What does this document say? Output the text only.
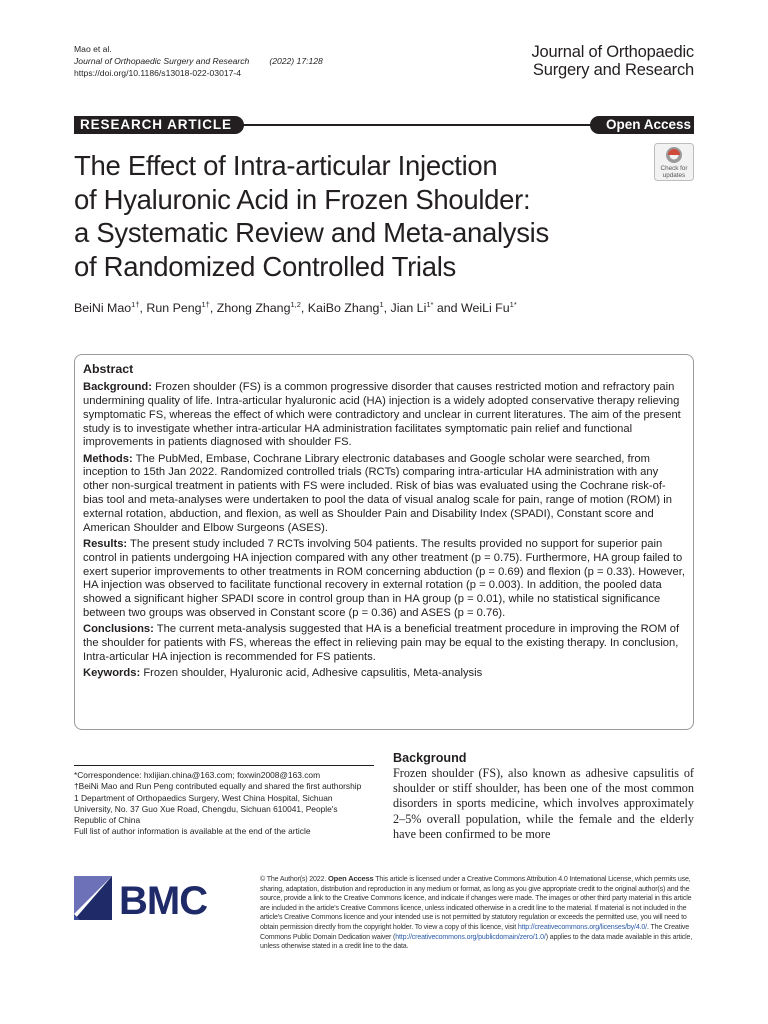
Mao et al.
Journal of Orthopaedic Surgery and Research (2022) 17:128
https://doi.org/10.1186/s13018-022-03017-4
Journal of Orthopaedic
Surgery and Research
RESEARCH ARTICLE	Open Access
Check for
updates
The Effect of Intra-articular Injection
of Hyaluronic Acid in Frozen Shoulder:
a Systematic Review and Meta-analysis
of Randomized Controlled Trials
BeiNi Mao$^{1\dagger}$, Run Peng$^{1\dagger}$, Zhong Zhang$^{1,2}$, KaiBo Zhang$^1$, Jian $Li^{1*}$ and WeiLi $Fu^{1*}$
Abstract

Background: Frozen shoulder (FS) is a common progressive disorder that causes restricted motion and refractory pain undermining quality of life. Intra-articular hyaluronic acid (HA) injection is a widely adopted conservative therapy relieving symptomatic FS, whereas the effect of which were contradictory and unclear in current literatures. The aim of the present study is to investigate whether intra-articular HA administration facilitates symptomatic pain relief and functional improvements in patients diagnosed with shoulder FS.

Methods: The PubMed, Embase, Cochrane Library electronic databases and Google scholar were searched, from inception to 15th Jan 2022. Randomized controlled trials (RCTs) comparing intra-articular HA administration with any other non-surgical treatment in patients with FS were included. Risk of bias was evaluated using the Cochrane risk-of-bias tool and meta-analyses were undertaken to pool the data of visual analog scale for pain, range of motion (ROM) in external rotation, abduction, and flexion, as well as Shoulder Pain and Disability Index (SPADI), Constant score and American Shoulder and Elbow Surgeons (ASES).

Results: The present study included 7 RCTs involving 504 patients. The results provided no support for superior pain control in patients undergoing HA injection compared with any other treatment (p = 0.75). Furthermore, HA group failed to exert superior improvements to other treatments in ROM concerning abduction (p = 0.69) and flexion (p = 0.33). However, HA injection was observed to facilitate functional recovery in external rotation (p = 0.003). In addition, the pooled data showed a significant higher SPADI score in control group than in HA group (p = 0.01), while no statistical significance between two groups was observed in Constant score (p = 0.36) and ASES (p = 0.76).

Conclusions: The current meta-analysis suggested that HA is a beneficial treatment procedure in improving the ROM of the shoulder for patients with FS, whereas the effect in relieving pain may be equal to the existing therapy. In conclusion, Intra-articular HA injection is recommended for FS patients.

Keywords: Frozen shoulder, Hyaluronic acid, Adhesive capsulitis, Meta-analysis

*Correspondence: hxlijian.china@163.com; foxwin2008@163.com

†BeiNi Mao and Run Peng contributed equally and shared the first authorship

1 Department of Orthopaedics Surgery, West China Hospital, Sichuan University, No. 37 Guo Xue Road, Chengdu, Sichuan 610041, People's Republic of China

Full list of author information is available at the end of the article

Background
Frozen shoulder (FS), also known as adhesive capsulitis of shoulder or stiff shoulder, has been one of the most common disorders in sports medicine, which involves approximately 2–5% overall population, while the female and the elderly have been confirmed to be more
BMC	© The Author(s) 2022. Open Access This article is licensed under a Creative Commons Attribution 4.0 International License, which permits use, sharing, adaptation, distribution and reproduction in any medium or format, as long as you give appropriate credit to the original author(s) and the source, provide a link to the Creative Commons licence, and indicate if changes were made. The images or other third party material in this article are included in the article's Creative Commons licence, unless indicated otherwise in a credit line to the material. If material is not included in the article's Creative Commons licence and your intended use is not permitted by statutory regulation or exceeds the permitted use, you will need to obtain permission directly from the copyright holder. To view a copy of this licence, visit http://creativecommons.org/licenses/by/4.0/. The Creative Commons Public Domain Dedication waiver (http://creativecommons.org/publicdomain/zero/1.0/) applies to the data made available in this article, unless otherwise stated in a credit line to the data.
